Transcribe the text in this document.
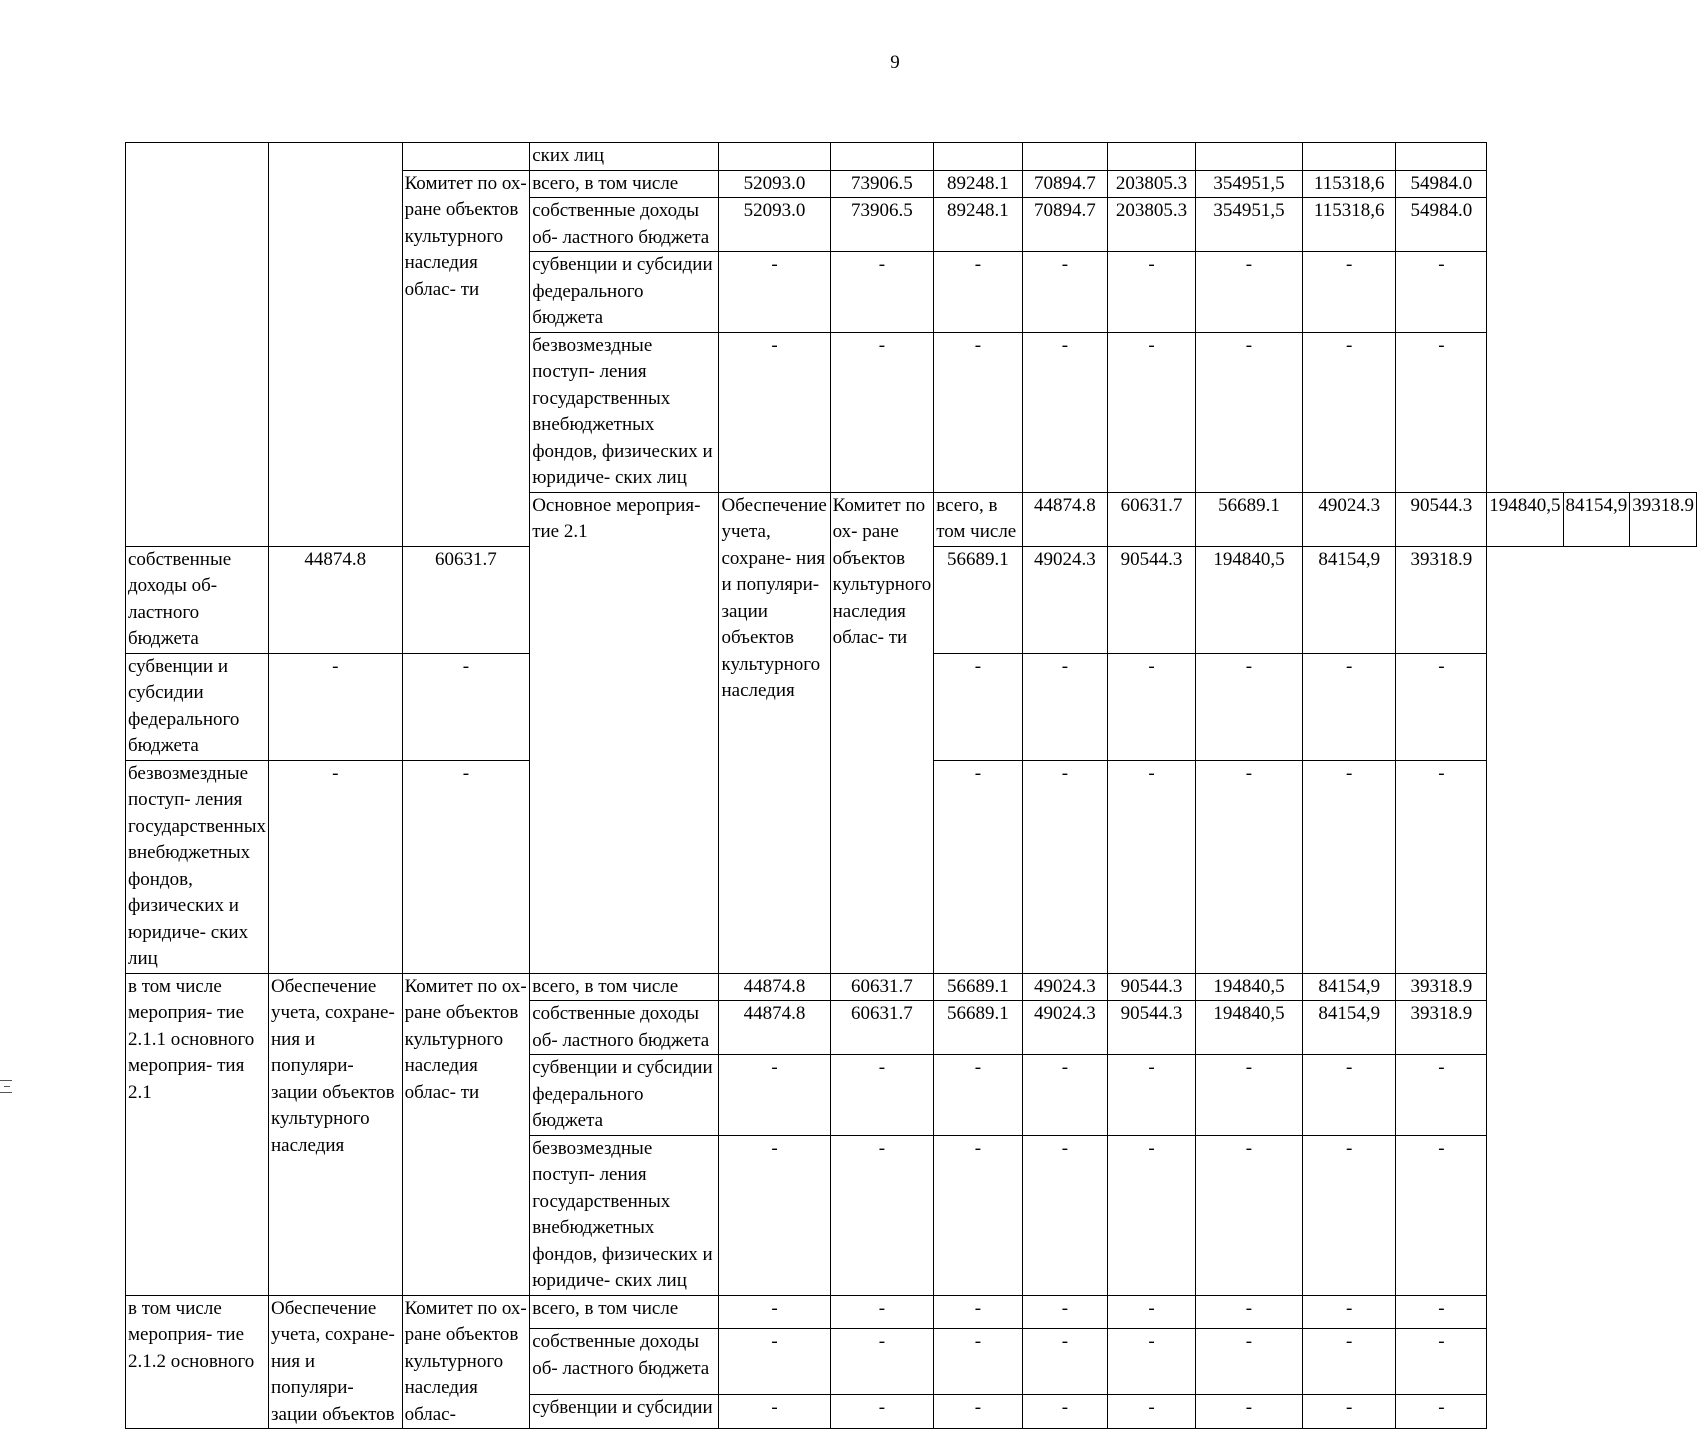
9
			ских лиц											
		Комитет по ох- ране объектов культурного наследия облас- ти	всего, в том числе	52093.0	73906.5	89248.1	70894.7	203805.3	354951,5	115318,6	54984.0			
			собственные доходы об- ластного бюджета	52093.0	73906.5	89248.1	70894.7	203805.3	354951,5	115318,6	54984.0			
			субвенции и субсидии федерального бюджета	-	-	-	-	-	-	-	-			
			безвозмездные поступ- ления государственных внебюджетных фондов, физических и юридиче- ских лиц	-	-	-	-	-	-	-	-			
			Основное мероприя- тие 2.1	Обеспечение учета, сохране- ния и популяри- зации объектов культурного наследия	Комитет по ох- ране объектов культурного наследия облас- ти	всего, в том числе	44874.8	60631.7	56689.1	49024.3	90544.3	194840,5	84154,9	39318.9
собственные доходы об- ластного бюджета	44874.8	60631.7				56689.1	49024.3	90544.3	194840,5	84154,9	39318.9			
субвенции и субсидии федерального бюджета	-	-				-	-	-	-	-	-			
безвозмездные поступ- ления государственных внебюджетных фондов, физических и юридиче- ских лиц	-	-				-	-	-	-	-	-			
в том числе мероприя- тие 2.1.1 основного мероприя- тия 2.1	Обеспечение учета, сохране- ния и популяри- зации объектов культурного наследия	Комитет по ох- ране объектов культурного наследия облас- ти	всего, в том числе	44874.8	60631.7	56689.1	49024.3	90544.3	194840,5	84154,9	39318.9			
			собственные доходы об- ластного бюджета	44874.8	60631.7	56689.1	49024.3	90544.3	194840,5	84154,9	39318.9			
			субвенции и субсидии федерального бюджета	-	-	-	-	-	-	-	-			
			безвозмездные поступ- ления государственных внебюджетных фондов, физических и юридиче- ских лиц	-	-	-	-	-	-	-	-			
в том числе мероприя- тие 2.1.2 основного	Обеспечение учета, сохране- ния и популяри- зации объектов	Комитет по ох- ране объектов культурного наследия облас-	всего, в том числе	-	-	-	-	-	-	-	-			
			собственные доходы об- ластного бюджета	-	-	-	-	-	-	-	-			
			субвенции и субсидии	-	-	-	-	-	-	-	-			
